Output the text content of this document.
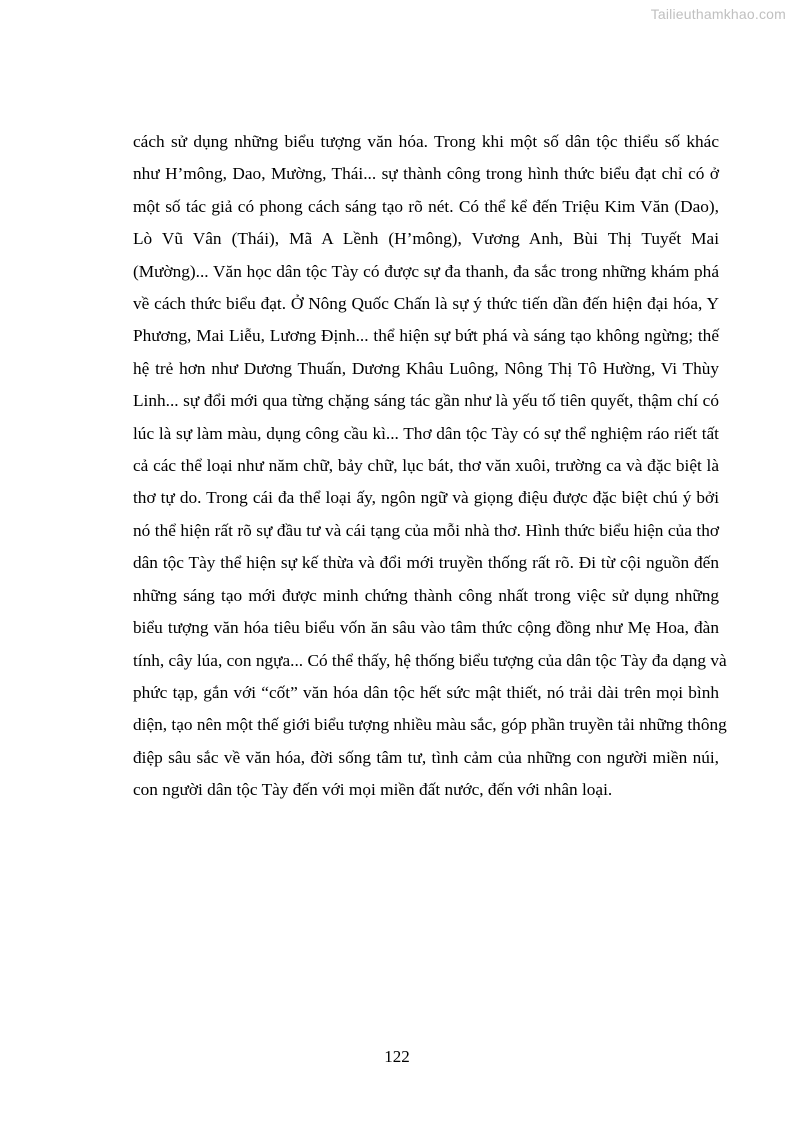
Tailieuthamkhao.com

cách sử dụng những biểu tượng văn hóa. Trong khi một số dân tộc thiểu số khác
như H’mông, Dao, Mường, Thái... sự thành công trong hình thức biểu đạt chỉ có ở
một số tác giả có phong cách sáng tạo rõ nét. Có thể kể đến Triệu Kim Văn (Dao),
Lò Vũ Vân (Thái), Mã A Lềnh (H’mông), Vương Anh, Bùi Thị Tuyết Mai
(Mường)... Văn học dân tộc Tày có được sự đa thanh, đa sắc trong những khám phá
về cách thức biểu đạt. Ở Nông Quốc Chấn là sự ý thức tiến dần đến hiện đại hóa, Y
Phương, Mai Liễu, Lương Định... thể hiện sự bứt phá và sáng tạo không ngừng; thế
hệ trẻ hơn như Dương Thuấn, Dương Khâu Luông, Nông Thị Tô Hường, Vi Thùy
Linh... sự đổi mới qua từng chặng sáng tác gần như là yếu tố tiên quyết, thậm chí có
lúc là sự làm màu, dụng công cầu kì... Thơ dân tộc Tày có sự thể nghiệm ráo riết tất
cả các thể loại như năm chữ, bảy chữ, lục bát, thơ văn xuôi, trường ca và đặc biệt là
thơ tự do. Trong cái đa thể loại ấy, ngôn ngữ và giọng điệu được đặc biệt chú ý bởi
nó thể hiện rất rõ sự đầu tư và cái tạng của mỗi nhà thơ. Hình thức biểu hiện của thơ
dân tộc Tày thể hiện sự kế thừa và đổi mới truyền thống rất rõ. Đi từ cội nguồn đến
những sáng tạo mới được minh chứng thành công nhất trong việc sử dụng những
biểu tượng văn hóa tiêu biểu vốn ăn sâu vào tâm thức cộng đồng như Mẹ Hoa, đàn
tính, cây lúa, con ngựa... Có thể thấy, hệ thống biểu tượng của dân tộc Tày đa dạng và
phức tạp, gắn với “cốt” văn hóa dân tộc hết sức mật thiết, nó trải dài trên mọi bình
diện, tạo nên một thế giới biểu tượng nhiều màu sắc, góp phần truyền tải những thông
điệp sâu sắc về văn hóa, đời sống tâm tư, tình cảm của những con người miền núi,
con người dân tộc Tày đến với mọi miền đất nước, đến với nhân loại.

122
